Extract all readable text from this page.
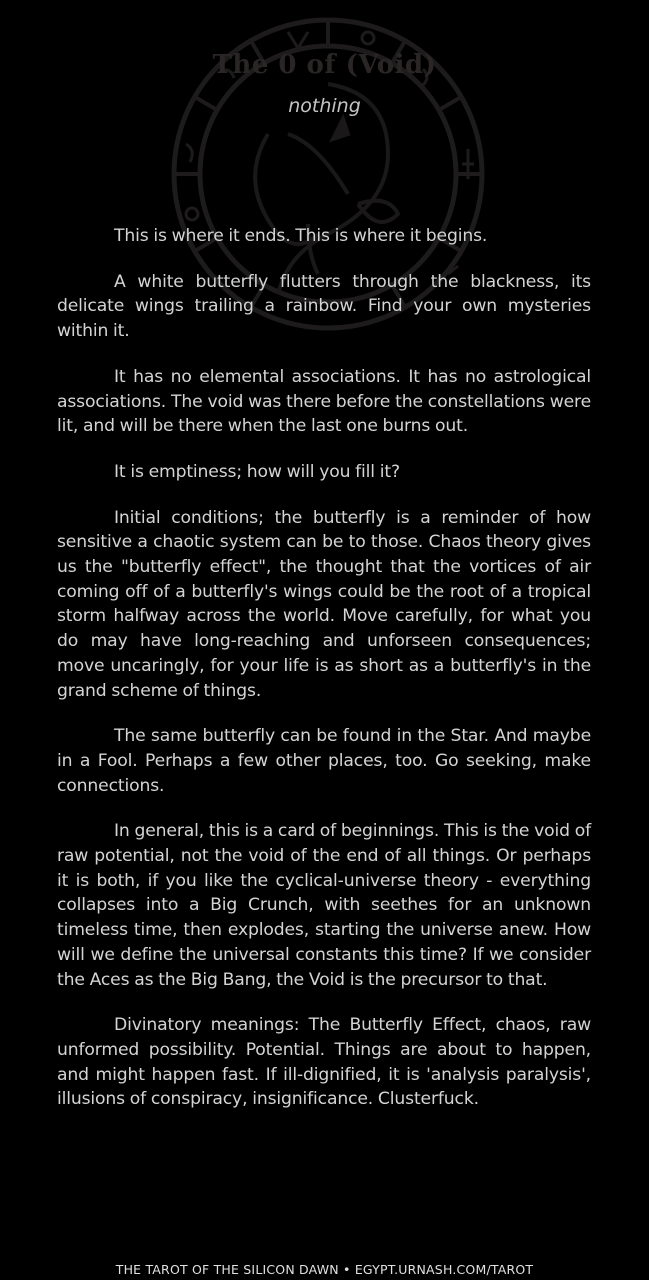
The 0 of (Void)
nothing

This is where it ends. This is where it begins.

A white butterfly flutters through the blackness, its delicate wings trailing a rainbow. Find your own mysteries within it.

It has no elemental associations. It has no astrological associations. The void was there before the constellations were lit, and will be there when the last one burns out.

It is emptiness; how will you fill it?

Initial conditions; the butterfly is a reminder of how sensitive a chaotic system can be to those. Chaos theory gives us the "butterfly effect", the thought that the vortices of air coming off of a butterfly's wings could be the root of a tropical storm halfway across the world. Move carefully, for what you do may have long-reaching and unforseen consequences; move uncaringly, for your life is as short as a butterfly's in the grand scheme of things.

The same butterfly can be found in the Star. And maybe in a Fool. Perhaps a few other places, too. Go seeking, make connections.

In general, this is a card of beginnings. This is the void of raw potential, not the void of the end of all things. Or perhaps it is both, if you like the cyclical-universe theory - everything collapses into a Big Crunch, with seethes for an unknown timeless time, then explodes, starting the universe anew. How will we define the universal constants this time? If we consider the Aces as the Big Bang, the Void is the precursor to that.

Divinatory meanings: The Butterfly Effect, chaos, raw unformed possibility. Potential. Things are about to happen, and might happen fast. If ill-dignified, it is 'analysis paralysis', illusions of conspiracy, insignificance. Clusterfuck.

THE TAROT OF THE SILICON DAWN • EGYPT.URNASH.COM/TAROT
